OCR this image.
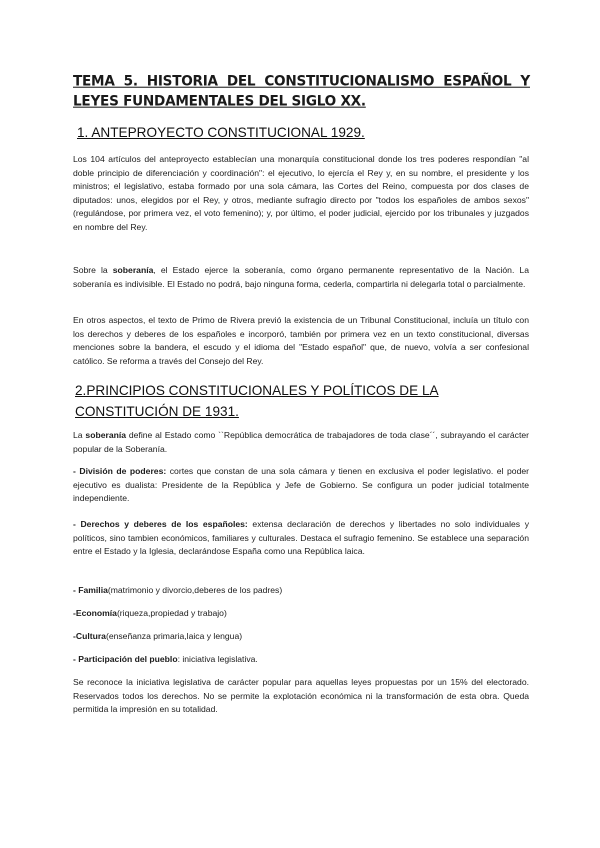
TEMA 5. HISTORIA DEL CONSTITUCIONALISMO ESPAÑOL Y LEYES FUNDAMENTALES DEL SIGLO XX.
1. ANTEPROYECTO CONSTITUCIONAL 1929.
Los 104 artículos del anteproyecto establecían una monarquía constitucional donde los tres poderes respondían "al doble principio de diferenciación y coordinación": el ejecutivo, lo ejercía el Rey y, en su nombre, el presidente y los ministros; el legislativo, estaba formado por una sola cámara, las Cortes del Reino, compuesta por dos clases de diputados: unos, elegidos por el Rey, y otros, mediante sufragio directo por "todos los españoles de ambos sexos" (regulándose, por primera vez, el voto femenino); y, por último, el poder judicial, ejercido por los tribunales y juzgados en nombre del Rey.
Sobre la soberanía, el Estado ejerce la soberanía, como órgano permanente representativo de la Nación. La soberanía es indivisible. El Estado no podrá, bajo ninguna forma, cederla, compartirla ni delegarla total o parcialmente.
En otros aspectos, el texto de Primo de Rivera previó la existencia de un Tribunal Constitucional, incluía un título con los derechos y deberes de los españoles e incorporó, también por primera vez en un texto constitucional, diversas menciones sobre la bandera, el escudo y el idioma del "Estado español" que, de nuevo, volvía a ser confesional católico. Se reforma a través del Consejo del Rey.
2.PRINCIPIOS CONSTITUCIONALES Y POLÍTICOS DE LA CONSTITUCIÓN DE 1931.
La soberanía define al Estado como ``República democrática de trabajadores de toda clase´´, subrayando el carácter popular de la Soberanía.
- División de poderes: cortes que constan de una sola cámara y tienen en exclusiva el poder legislativo. el poder ejecutivo es dualista: Presidente de la República y Jefe de Gobierno. Se configura un poder judicial totalmente independiente.
- Derechos y deberes de los españoles: extensa declaración de derechos y libertades no solo individuales y políticos, sino tambien económicos, familiares y culturales. Destaca el sufragio femenino. Se establece una separación entre el Estado y la Iglesia, declarándose España como una República laica.
- Familia(matrimonio y divorcio,deberes de los padres)
-Economía(riqueza,propiedad y trabajo)
-Cultura(enseñanza primaria,laica y lengua)
- Participación del pueblo: iniciativa legislativa.
Se reconoce la iniciativa legislativa de carácter popular para aquellas leyes propuestas por un 15% del electorado. Reservados todos los derechos. No se permite la explotación económica ni la transformación de esta obra. Queda permitida la impresión en su totalidad.
